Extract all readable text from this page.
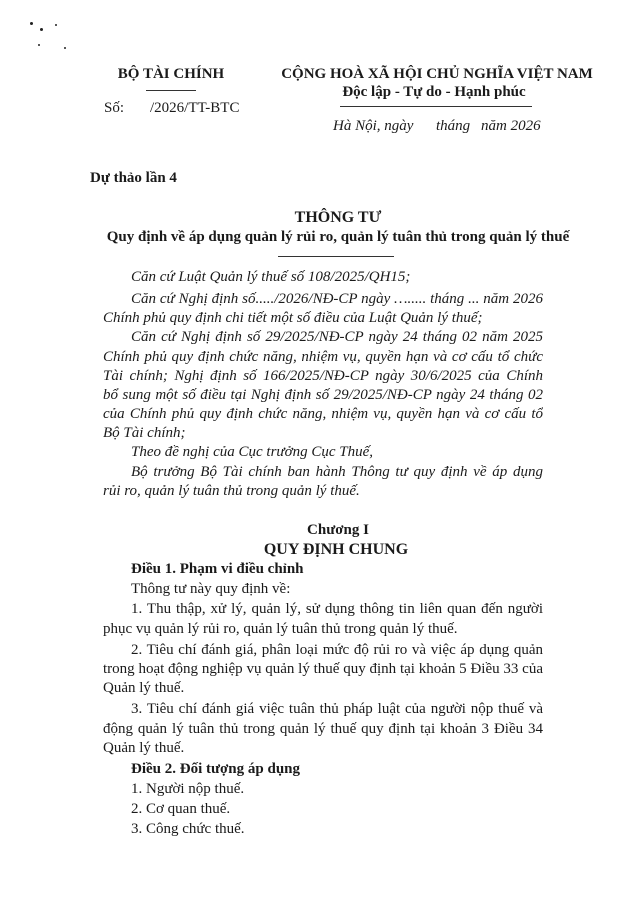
BỘ TÀI CHÍNH
Số: /2026/TT-BTC
CỘNG HOÀ XÃ HỘI CHỦ NGHĨA VIỆT NAM
Độc lập - Tự do - Hạnh phúc
Hà Nội, ngày tháng năm 2026
Dự thảo lần 4
THÔNG TƯ
Quy định về áp dụng quản lý rủi ro, quản lý tuân thủ trong quản lý thuế
Căn cứ Luật Quản lý thuế số 108/2025/QH15;
Căn cứ Nghị định số...../2026/NĐ-CP ngày …..... tháng ... năm 2026
Chính phủ quy định chi tiết một số điều của Luật Quản lý thuế;
Căn cứ Nghị định số 29/2025/NĐ-CP ngày 24 tháng 02 năm 2025
Chính phủ quy định chức năng, nhiệm vụ, quyền hạn và cơ cấu tổ chức
Tài chính; Nghị định số 166/2025/NĐ-CP ngày 30/6/2025 của Chính
bổ sung một số điều tại Nghị định số 29/2025/NĐ-CP ngày 24 tháng 02
của Chính phủ quy định chức năng, nhiệm vụ, quyền hạn và cơ cấu tổ
Bộ Tài chính;
Theo đề nghị của Cục trưởng Cục Thuế,
Bộ trưởng Bộ Tài chính ban hành Thông tư quy định về áp dụng
rủi ro, quản lý tuân thủ trong quản lý thuế.
Chương I
QUY ĐỊNH CHUNG
Điều 1. Phạm vi điều chỉnh
Thông tư này quy định về:
1. Thu thập, xử lý, quản lý, sử dụng thông tin liên quan đến người
phục vụ quản lý rủi ro, quản lý tuân thủ trong quản lý thuế.
2. Tiêu chí đánh giá, phân loại mức độ rủi ro và việc áp dụng quản
trong hoạt động nghiệp vụ quản lý thuế quy định tại khoản 5 Điều 33 của
Quản lý thuế.
3. Tiêu chí đánh giá việc tuân thủ pháp luật của người nộp thuế và
động quản lý tuân thủ trong quản lý thuế quy định tại khoản 3 Điều 34
Quản lý thuế.
Điều 2. Đối tượng áp dụng
1. Người nộp thuế.
2. Cơ quan thuế.
3. Công chức thuế.
